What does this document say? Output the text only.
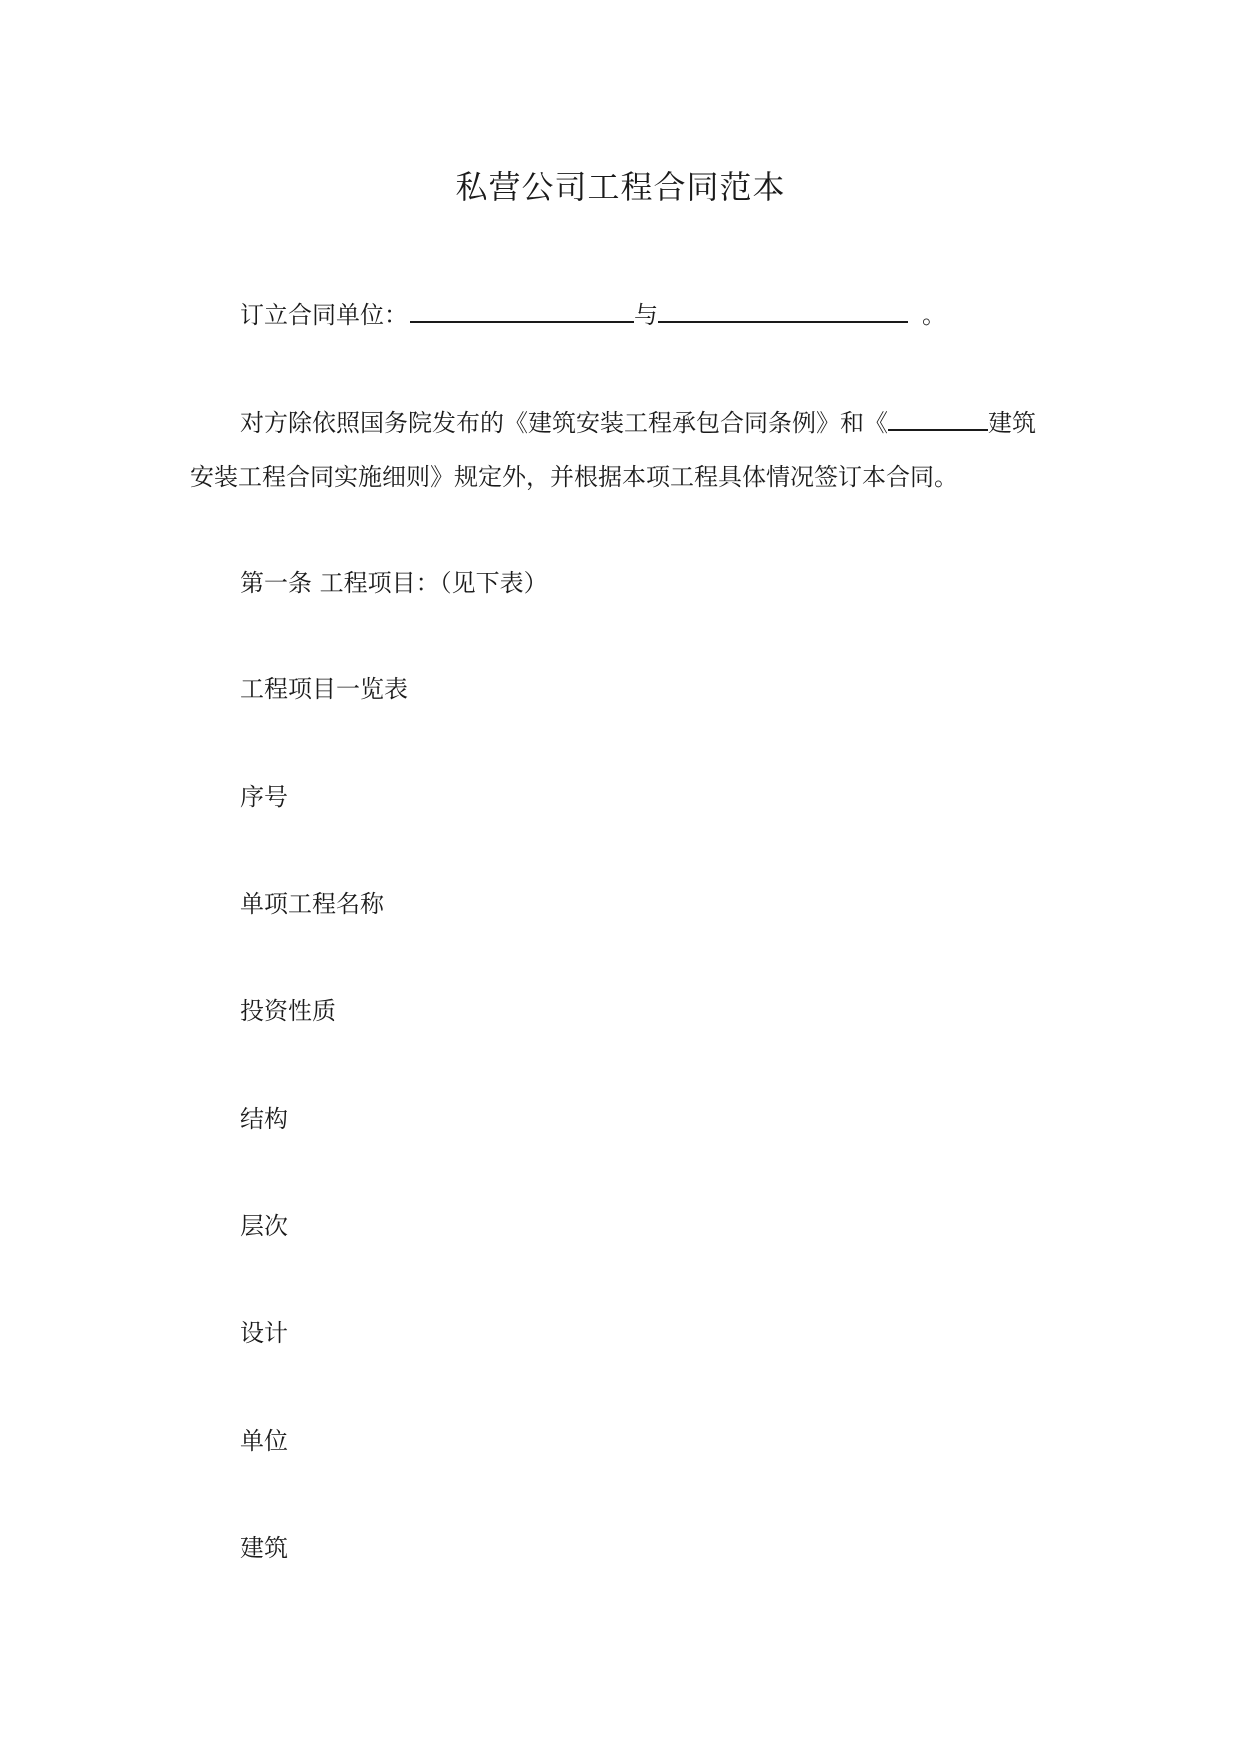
私营公司工程合同范本
订立合同单位：	与	。
对方除依照国务院发布的《建筑安装工程承包合同条例》和《	建筑
安装工程合同实施细则》规定外，并根据本项工程具体情况签订本合同。
第一条 工程项目：（见下表）
工程项目一览表
序号
单项工程名称
投资性质
结构
层次
设计
单位
建筑
